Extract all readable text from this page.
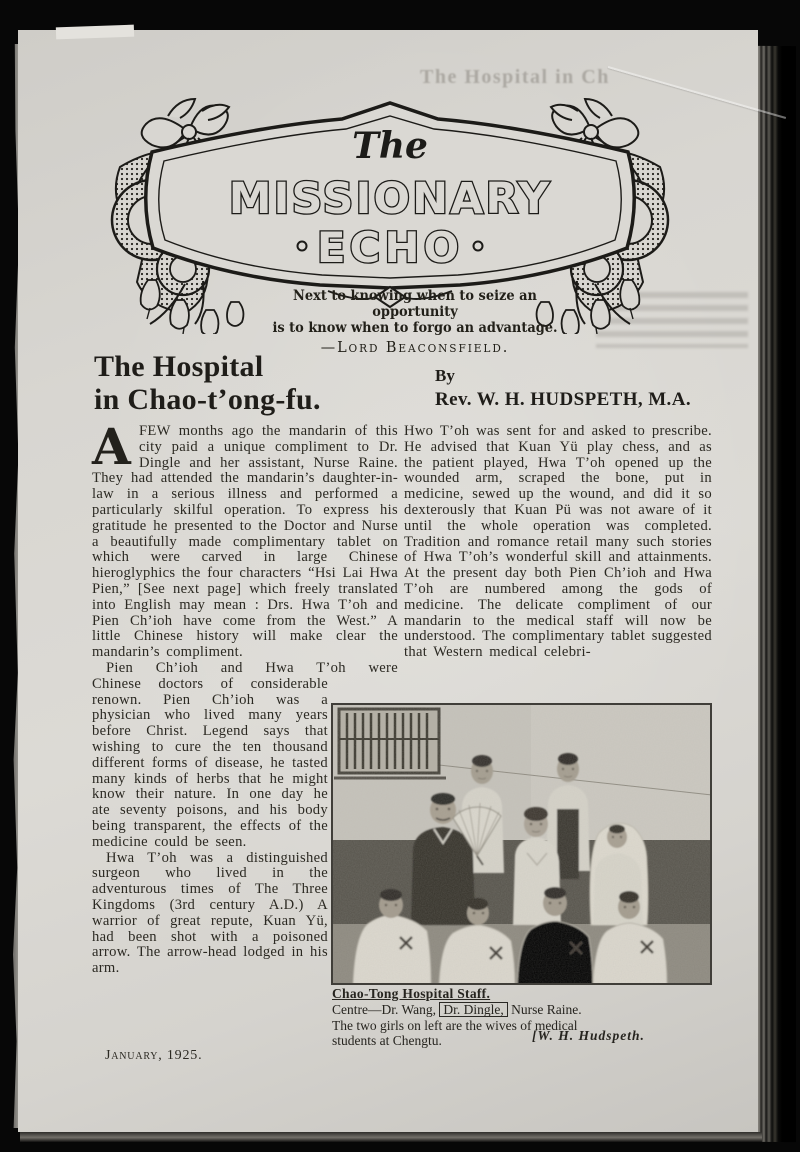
The Hospital in Ch
The
MISSIONARY
ECHO
Next to knowing when to seize an opportunity
is to know when to forgo an advantage.
—Lord Beaconsfield.
The Hospital
in Chao-t’ong-fu.
By
Rev. W. H. HUDSPETH, M.A.

AFEW months ago the mandarin of this city paid a unique compliment to Dr. Dingle and her assistant, Nurse Raine. They had attended the mandarin’s daughter-in-law in a serious illness and performed a particularly skilful operation. To express his gratitude he presented to the Doctor and Nurse a beautifully made complimentary tablet on which were carved in large Chinese hieroglyphics the four characters “Hsi Lai Hwa Pien,” [See next page] which freely translated into English may mean : Drs. Hwa T’oh and Pien Ch’ioh have come from the West.” A little Chinese history will make clear the mandarin’s compliment.

Pien Ch’ioh and Hwa T’oh were

Chinese doctors of considerable renown. Pien Ch’ioh was a physician who lived many years before Christ. Legend says that wishing to cure the ten thousand different forms of disease, he tasted many kinds of herbs that he might know their nature. In one day he ate seventy poisons, and his body being transparent, the effects of the medicine could be seen.

Hwa T’oh was a distinguished surgeon who lived in the adventurous times of The Three Kingdoms (3rd century A.D.) A warrior of great repute, Kuan Yü, had been shot with a poisoned arrow. The arrow-head lodged in his arm.

Hwo T’oh was sent for and asked to prescribe. He advised that Kuan Yü play chess, and as the patient played, Hwa T’oh opened up the wounded arm, scraped the bone, put in medicine, sewed up the wound, and did it so dexterously that Kuan Pü was not aware of it until the whole operation was completed. Tradition and romance retail many such stories of Hwa T’oh’s wonderful skill and attainments. At the present day both Pien Ch’ioh and Hwa T’oh are numbered among the gods of medicine. The delicate compliment of our mandarin to the medical staff will now be understood. The complimentary tablet suggested that Western medical celebri-

Chao-Tong Hospital Staff.
Centre—Dr. Wang, Dr. Dingle, Nurse Raine.
The two girls on left are the wives of medical students at Chengtu.	[W. H. Hudspeth.
January, 1925.
